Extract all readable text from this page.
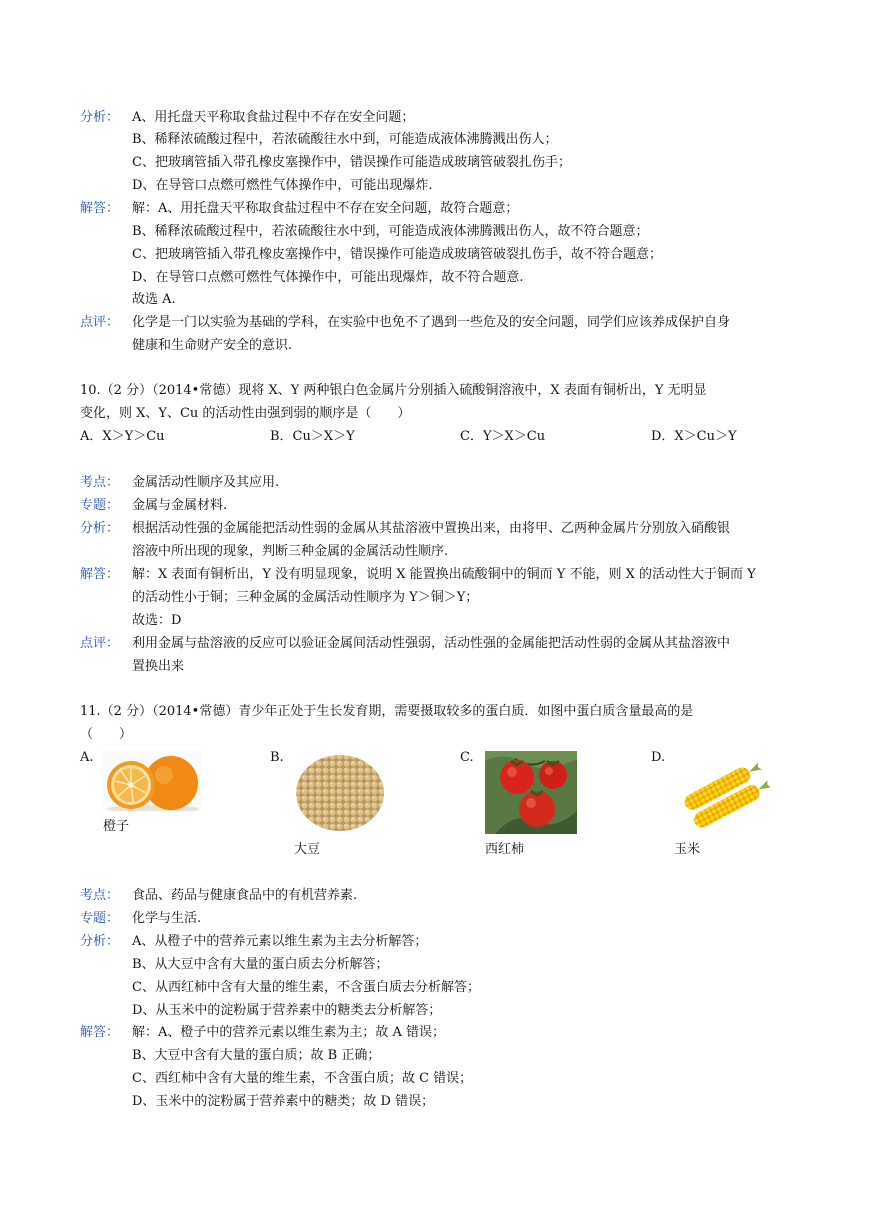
分析： A、用托盘天平称取食盐过程中不存在安全问题；
B、稀释浓硫酸过程中，若浓硫酸往水中到，可能造成液体沸腾溅出伤人；
C、把玻璃管插入带孔橡皮塞操作中，错误操作可能造成玻璃管破裂扎伤手；
D、在导管口点燃可燃性气体操作中，可能出现爆炸.
解答： 解：A、用托盘天平称取食盐过程中不存在安全问题，故符合题意；
B、稀释浓硫酸过程中，若浓硫酸往水中到，可能造成液体沸腾溅出伤人，故不符合题意；
C、把玻璃管插入带孔橡皮塞操作中，错误操作可能造成玻璃管破裂扎伤手，故不符合题意；
D、在导管口点燃可燃性气体操作中，可能出现爆炸，故不符合题意.
故选 A.
点评： 化学是一门以实验为基础的学科，在实验中也免不了遇到一些危及的安全问题，同学们应该养成保护自身
健康和生命财产安全的意识.
10.（2 分）（2014•常德）现将 X、Y 两种银白色金属片分别插入硫酸铜溶液中，X 表面有铜析出，Y 无明显
变化，则 X、Y、Cu 的活动性由强到弱的顺序是（　　）
A．X＞Y＞Cu	B．Cu＞X＞Y	C．Y＞X＞Cu	D．X＞Cu＞Y
考点： 金属活动性顺序及其应用.
专题： 金属与金属材料.
分析： 根据活动性强的金属能把活动性弱的金属从其盐溶液中置换出来，由将甲、乙两种金属片分别放入硝酸银
溶液中所出现的现象，判断三种金属的金属活动性顺序.
解答： 解：X 表面有铜析出，Y 没有明显现象，说明 X 能置换出硫酸铜中的铜而 Y 不能，则 X 的活动性大于铜而 Y
的活动性小于铜；三种金属的金属活动性顺序为 Y＞铜＞Y；
故选：D
点评： 利用金属与盐溶液的反应可以验证金属间活动性强弱，活动性强的金属能把活动性弱的金属从其盐溶液中
置换出来
11.（2 分）（2014•常德）青少年正处于生长发育期，需要摄取较多的蛋白质．如图中蛋白质含量最高的是
（　　）
A.
橙子
B.
大豆
C.
西红柿
D.
玉米
考点： 食品、药品与健康食品中的有机营养素.
专题： 化学与生活.
分析： A、从橙子中的营养元素以维生素为主去分析解答；
B、从大豆中含有大量的蛋白质去分析解答；
C、从西红柿中含有大量的维生素，不含蛋白质去分析解答；
D、从玉米中的淀粉属于营养素中的糖类去分析解答；
解答： 解：A、橙子中的营养元素以维生素为主；故 A 错误；
B、大豆中含有大量的蛋白质；故 B 正确；
C、西红柿中含有大量的维生素，不含蛋白质；故 C 错误；
D、玉米中的淀粉属于营养素中的糖类；故 D 错误；
